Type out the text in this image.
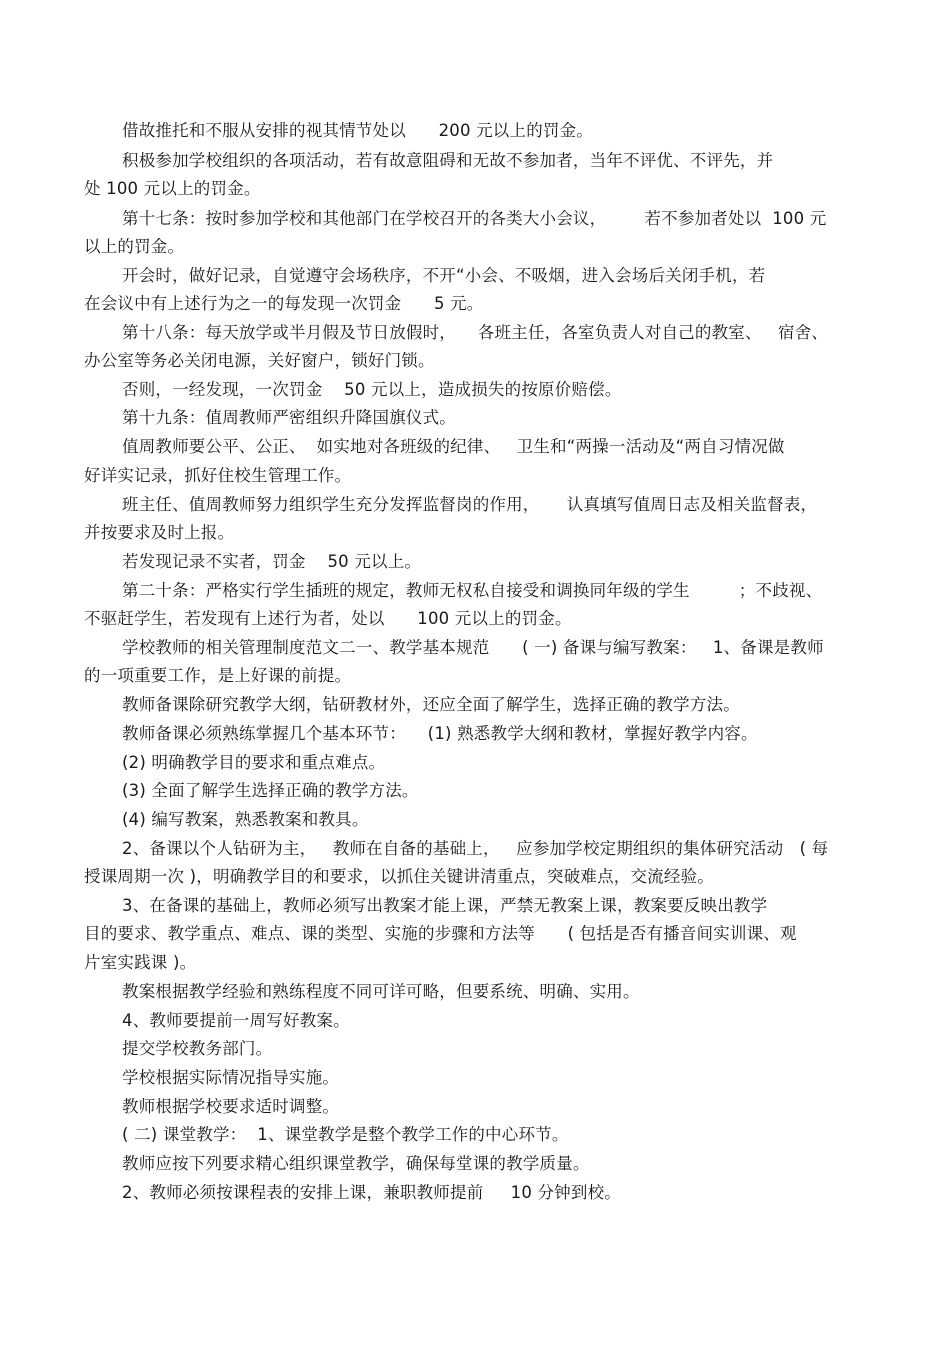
借故推托和不服从安排的视其情节处以      200 元以上的罚金。
积极参加学校组织的各项活动，若有故意阻碍和无故不参加者，当年不评优、不评先，并
处 100 元以上的罚金。
第十七条：按时参加学校和其他部门在学校召开的各类大小会议，       若不参加者处以  100 元
以上的罚金。
开会时，做好记录，自觉遵守会场秩序，不开“小会、不吸烟，进入会场后关闭手机，若
在会议中有上述行为之一的每发现一次罚金      5 元。
第十八条：每天放学或半月假及节日放假时，    各班主任，各室负责人对自己的教室、   宿舍、
办公室等务必关闭电源，关好窗户，锁好门锁。
否则，一经发现，一次罚金    50 元以上，造成损失的按原价赔偿。
第十九条：值周教师严密组织升降国旗仪式。
值周教师要公平、公正、  如实地对各班级的纪律、   卫生和“两操一活动及“两自习情况做
好详实记录，抓好住校生管理工作。
班主任、值周教师努力组织学生充分发挥监督岗的作用，     认真填写值周日志及相关监督表，
并按要求及时上报。
若发现记录不实者，罚金    50 元以上。
第二十条：严格实行学生插班的规定，教师无权私自接受和调换同年级的学生         ；不歧视、
不驱赶学生，若发现有上述行为者，处以      100 元以上的罚金。
学校教师的相关管理制度范文二一、教学基本规范      ( 一) 备课与编写教案：   1、备课是教师
的一项重要工作，是上好课的前提。
教师备课除研究教学大纲，钻研教材外，还应全面了解学生，选择正确的教学方法。
教师备课必须熟练掌握几个基本环节：    (1) 熟悉教学大纲和教材，掌握好教学内容。
(2) 明确教学目的要求和重点难点。
(3) 全面了解学生选择正确的教学方法。
(4) 编写教案，熟悉教案和教具。
2、备课以个人钻研为主，   教师在自备的基础上，   应参加学校定期组织的集体研究活动   ( 每
授课周期一次 )，明确教学目的和要求，以抓住关键讲清重点，突破难点，交流经验。
3、在备课的基础上，教师必须写出教案才能上课，严禁无教案上课，教案要反映出教学
目的要求、教学重点、难点、课的类型、实施的步骤和方法等      ( 包括是否有播音间实训课、观
片室实践课 )。
教案根据教学经验和熟练程度不同可详可略，但要系统、明确、实用。
4、教师要提前一周写好教案。
提交学校教务部门。
学校根据实际情况指导实施。
教师根据学校要求适时调整。
( 二) 课堂教学：  1、课堂教学是整个教学工作的中心环节。
教师应按下列要求精心组织课堂教学，确保每堂课的教学质量。
2、教师必须按课程表的安排上课，兼职教师提前     10 分钟到校。
